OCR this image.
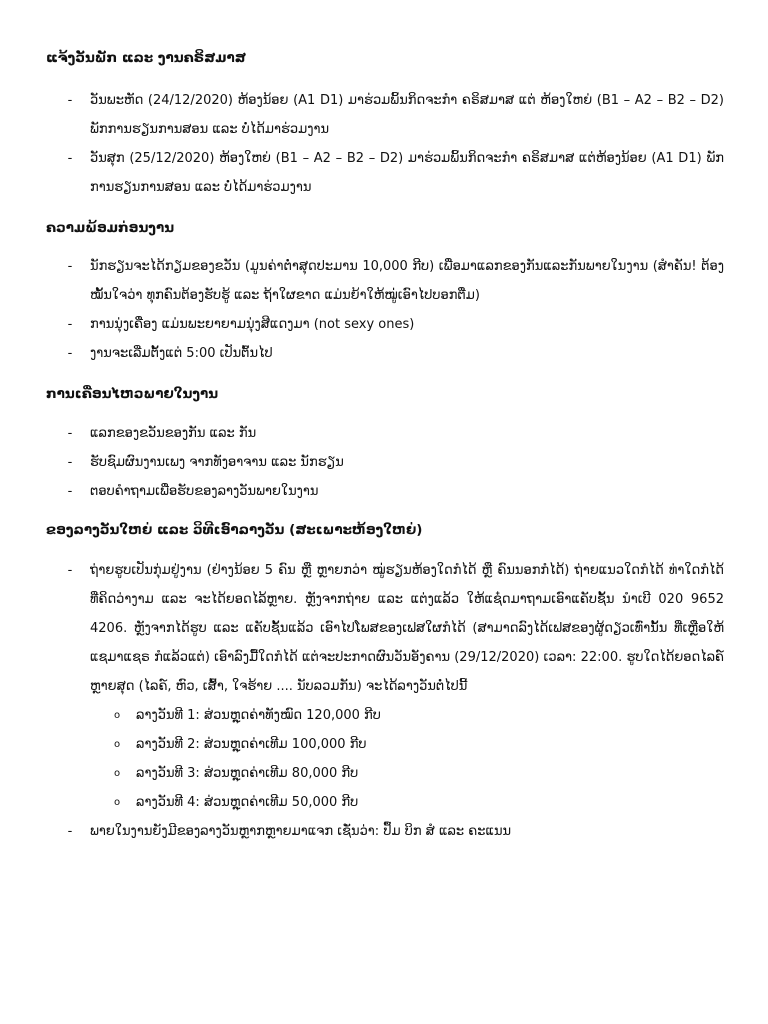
ແຈ້ງວັນພັກ ແລະ ງານຄຣິສມາສ
- ວັນພະຫັດ (24/12/2020) ຫ້ອງນ້ອຍ (A1 D1) ມາຮ່ວມພິ້ນກິດຈະກຳ ຄຣິສມາສ ແຕ່ ຫ້ອງໃຫຍ່ (B1 – A2 – B2 – D2) ພັກການຮຽນການສອນ ແລະ ບໍ່ໄດ້ມາຮ່ວມງານ
- ວັນສຸກ (25/12/2020) ຫ້ອງໃຫຍ່ (B1 – A2 – B2 – D2) ມາຮ່ວມພິ້ນກິດຈະກຳ ຄຣິສມາສ ແຕ່ຫ້ອງນ້ອຍ (A1 D1) ພັກການຮຽນການສອນ ແລະ ບໍ່ໄດ້ມາຮ່ວມງານ
ຄວາມພ້ອມກ່ອນງານ
- ນັກຮຽນຈະໄດ້ກຽມຂອງຂວັນ (ມູນຄ່າຕໍ່າສຸດປະມານ 10,000 ກີບ) ເພື່ອມາແລກຂອງກັນແລະກັນພາຍໃນງານ (ສຳຄັນ! ຕ້ອງໝັ້ນໃຈວ່າ ທຸກຄົນຕ້ອງຮັບຮູ້ ແລະ ຖ້າໃຜຂາດ ແມ່ນຍ້າໃຫ້ໝູ່ເອົາໄປບອກຕື່ມ)
- ການນຸ່ງເຄື່ອງ ແມ່ນພະຍາຍາມນຸ່ງສີແດງມາ (not sexy ones)
- ງານຈະເລີ່ມຕັ້ງແຕ່ 5:00 ເປັນຕົ້ນໄປ
ການເຄື່ອນໄຫວພາຍໃນງານ
- ແລກຂອງຂວັນຂອງກັນ ແລະ ກັນ
- ຮັບຊົມຜົນງານເພງ ຈາກທັງອາຈານ ແລະ ນັກຮຽນ
- ຕອບຄຳຖາມເພື່ອຮັບຂອງລາງວັນພາຍໃນງານ
ຂອງລາງວັນໃຫຍ່ ແລະ ວິທີເອົາລາງວັນ (ສະເພາະຫ້ອງໃຫຍ່)
- ຖ່າຍຮູບເປັນກຸ່ມຢູ່ງານ (ຢ່າງນ້ອຍ 5 ຄົນ ຫຼື ຫຼາຍກວ່າ ໝູ່ຮຽນຫ້ອງໃດກໍໄດ້ ຫຼື ຄົນນອກກໍໄດ້) ຖ່າຍແນວໃດກໍໄດ້ ທ່າໃດກໍໄດ້ ທີ່ຄິດວ່າງາມ ແລະ ຈະໄດ້ຍອດໄລ້ຫຼາຍ. ຫຼັງຈາກຖ່າຍ ແລະ ແຕ່ງແລ້ວ ໃຫ້ແຊ໋ດມາຖາມເອົາແຄັບຊັ້ນ ນຳເບີ 020 9652 4206. ຫຼັງຈາກໄດ້ຮູບ ແລະ ແຄັບຊັ້ນແລ້ວ ເອົາໄປໂພສຂອງເຟສໃຜກໍໄດ້ (ສາມາດລົງໄດ້ເຟສຂອງຜູ້ດຽວເທົ່ານັ້ນ ທີ່ເຫຼືອໃຫ້ແຊມາແຊຣ ກໍແລ້ວແຕ່) ເອົາລົງມື້ໃດກໍໄດ້ ແຕ່ຈະປະກາດຜົນວັນອັງຄານ (29/12/2020) ເວລາ: 22:00. ຮູບໃດໄດ້ຍອດໄລຄ໌ຫຼາຍສຸດ (ໄລຄ໌, ຫົວ, ເສົ້າ, ໃຈຮ້າຍ .... ນັບລວມກັນ) ຈະໄດ້ລາງວັນຕໍ່ໄປນີ້
o ລາງວັນທີ 1: ສ່ວນຫຼຸດຄ່າທັງໝົດ 120,000 ກີບ
o ລາງວັນທີ 2: ສ່ວນຫຼຸດຄ່າເທີມ 100,000 ກີບ
o ລາງວັນທີ 3: ສ່ວນຫຼຸດຄ່າເທີມ 80,000 ກີບ
o ລາງວັນທີ 4: ສ່ວນຫຼຸດຄ່າເທີມ 50,000 ກີບ
- ພາຍໃນງານຍັງມີຂອງລາງວັນຫຼາກຫຼາຍມາແຈກ ເຊັ່ນວ່າ: ປຶ້ມ ບິກ ສໍ ແລະ ຄະແນນ
